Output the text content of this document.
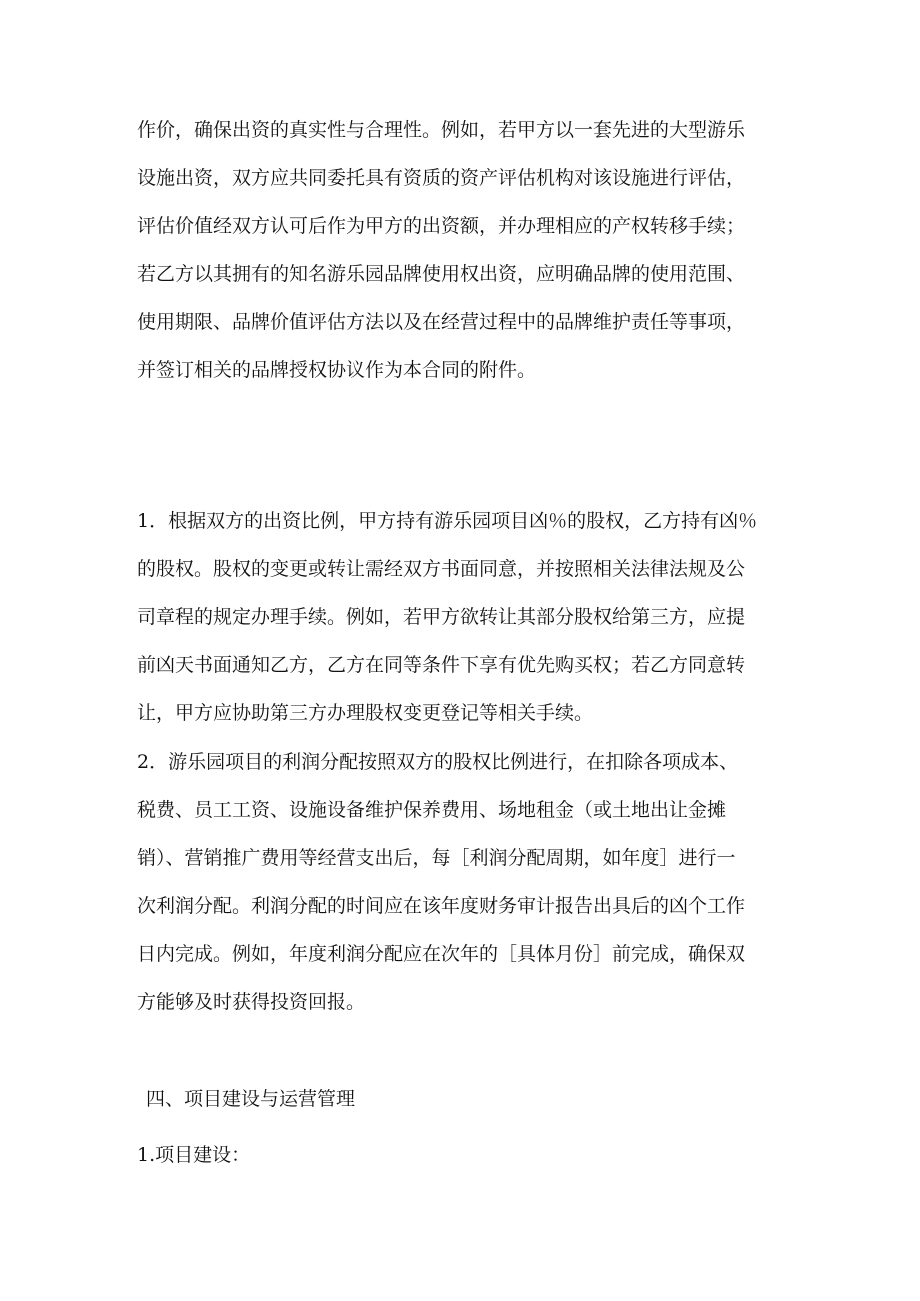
作价，确保出资的真实性与合理性。例如，若甲方以一套先进的大型游乐
设施出资，双方应共同委托具有资质的资产评估机构对该设施进行评估，
评估价值经双方认可后作为甲方的出资额，并办理相应的产权转移手续；
若乙方以其拥有的知名游乐园品牌使用权出资，应明确品牌的使用范围、
使用期限、品牌价值评估方法以及在经营过程中的品牌维护责任等事项，
并签订相关的品牌授权协议作为本合同的附件。

1．根据双方的出资比例，甲方持有游乐园项目凶％的股权，乙方持有凶％
的股权。股权的变更或转让需经双方书面同意，并按照相关法律法规及公
司章程的规定办理手续。例如，若甲方欲转让其部分股权给第三方，应提
前凶天书面通知乙方，乙方在同等条件下享有优先购买权；若乙方同意转
让，甲方应协助第三方办理股权变更登记等相关手续。

2．游乐园项目的利润分配按照双方的股权比例进行，在扣除各项成本、
税费、员工工资、设施设备维护保养费用、场地租金（或土地出让金摊
销）、营销推广费用等经营支出后，每［利润分配周期，如年度］进行一
次利润分配。利润分配的时间应在该年度财务审计报告出具后的凶个工作
日内完成。例如，年度利润分配应在次年的［具体月份］前完成，确保双
方能够及时获得投资回报。

四、项目建设与运营管理

1.项目建设：
